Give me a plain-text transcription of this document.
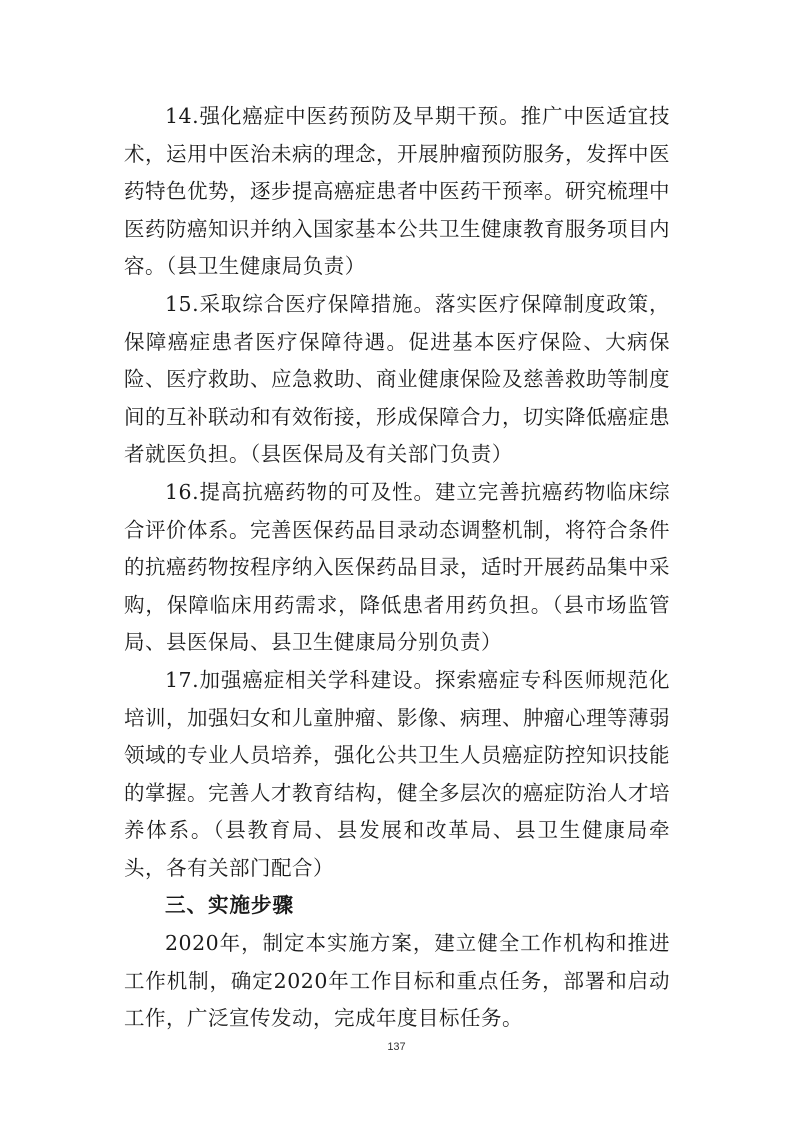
14.强化癌症中医药预防及早期干预。推广中医适宜技术，运用中医治未病的理念，开展肿瘤预防服务，发挥中医药特色优势，逐步提高癌症患者中医药干预率。研究梳理中医药防癌知识并纳入国家基本公共卫生健康教育服务项目内容。（县卫生健康局负责）

15.采取综合医疗保障措施。落实医疗保障制度政策，保障癌症患者医疗保障待遇。促进基本医疗保险、大病保险、医疗救助、应急救助、商业健康保险及慈善救助等制度间的互补联动和有效衔接，形成保障合力，切实降低癌症患者就医负担。（县医保局及有关部门负责）

16.提高抗癌药物的可及性。建立完善抗癌药物临床综合评价体系。完善医保药品目录动态调整机制，将符合条件的抗癌药物按程序纳入医保药品目录，适时开展药品集中采购，保障临床用药需求，降低患者用药负担。（县市场监管局、县医保局、县卫生健康局分别负责）

17.加强癌症相关学科建设。探索癌症专科医师规范化培训，加强妇女和儿童肿瘤、影像、病理、肿瘤心理等薄弱领域的专业人员培养，强化公共卫生人员癌症防控知识技能的掌握。完善人才教育结构，健全多层次的癌症防治人才培养体系。（县教育局、县发展和改革局、县卫生健康局牵头，各有关部门配合）

三、实施步骤

2020年，制定本实施方案，建立健全工作机构和推进工作机制，确定2020年工作目标和重点任务，部署和启动工作，广泛宣传发动，完成年度目标任务。

137
